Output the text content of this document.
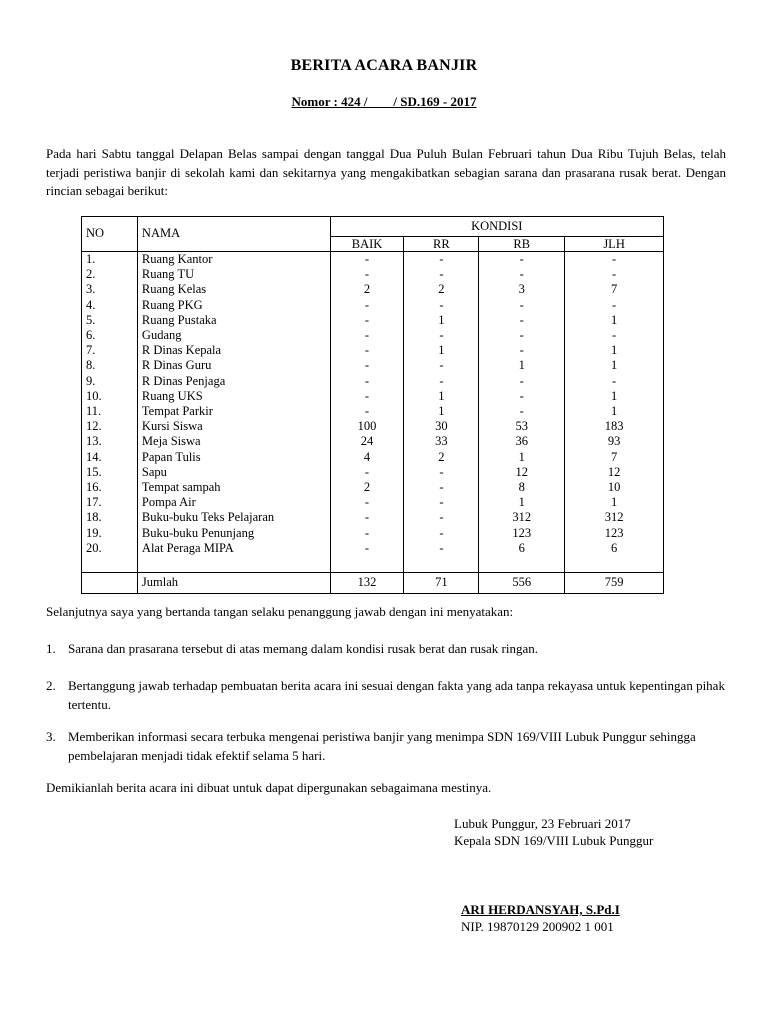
BERITA ACARA BANJIR
Nomor : 424 /        / SD.169 - 2017
Pada hari Sabtu tanggal Delapan Belas sampai dengan tanggal Dua Puluh Bulan Februari tahun Dua Ribu Tujuh Belas, telah terjadi peristiwa banjir di sekolah kami dan sekitarnya yang mengakibatkan sebagian sarana dan prasarana rusak berat. Dengan rincian sebagai berikut:
NO	NAMA	KONDISI			
		BAIK	RR	RB	JLH
1.	Ruang Kantor	-	-	-	-
2.	Ruang TU	-	-	-	-
3.	Ruang Kelas	2	2	3	7
4.	Ruang PKG	-	-	-	-
5.	Ruang Pustaka	-	1	-	1
6.	Gudang	-	-	-	-
7.	R Dinas Kepala	-	1	-	1
8.	R Dinas Guru	-	-	1	1
9.	R Dinas Penjaga	-	-	-	-
10.	Ruang UKS	-	1	-	1
11.	Tempat Parkir	-	1	-	1
12.	Kursi Siswa	100	30	53	183
13.	Meja Siswa	24	33	36	93
14.	Papan Tulis	4	2	1	7
15.	Sapu	-	-	12	12
16.	Tempat sampah	2	-	8	10
17.	Pompa Air	-	-	1	1
18.	Buku-buku Teks Pelajaran	-	-	312	312
19.	Buku-buku Penunjang	-	-	123	123
20.	Alat Peraga MIPA	-	-	6	6

	Jumlah	132	71	556	759
Selanjutnya saya yang bertanda tangan selaku penanggung jawab dengan ini menyatakan:
1. Sarana dan prasarana tersebut di atas memang dalam kondisi rusak berat dan rusak ringan.
2. Bertanggung jawab terhadap pembuatan berita acara ini sesuai dengan fakta yang ada tanpa rekayasa untuk kepentingan pihak tertentu.
3. Memberikan informasi secara terbuka mengenai peristiwa banjir yang menimpa SDN 169/VIII Lubuk Punggur sehingga pembelajaran menjadi tidak efektif selama 5 hari.
Demikianlah berita acara ini dibuat untuk dapat dipergunakan sebagaimana mestinya.
Lubuk Punggur, 23 Februari 2017
Kepala SDN 169/VIII Lubuk Punggur
ARI HERDANSYAH, S.Pd.I
NIP. 19870129 200902 1 001
